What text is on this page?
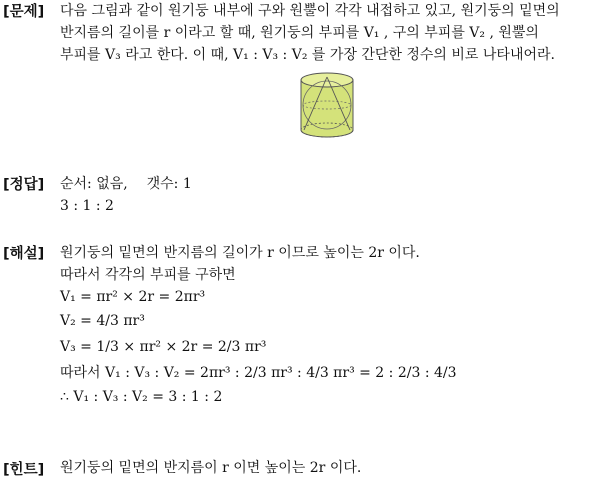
[문제] 다음 그림과 같이 원기둥 내부에 구와 원뿔이 각각 내접하고 있고, 원기둥의 밑면의
반지름의 길이를 r 이라고 할 때, 원기둥의 부피를 V₁ , 구의 부피를 V₂ , 원뿔의
부피를 V₃ 라고 한다. 이 때, V₁ : V₃ : V₂ 를 가장 간단한 정수의 비로 나타내어라.
[정답] 순서: 없음, 갯수: 1
3 : 1 : 2
[해설] 원기둥의 밑면의 반지름의 길이가 r 이므로 높이는 2r 이다.
따라서 각각의 부피를 구하면
V₁ = πr² × 2r = 2πr³
V₂ = 4/3 πr³
V₃ = 1/3 × πr² × 2r = 2/3 πr³
따라서 V₁ : V₃ : V₂ = 2πr³ : 2/3 πr³ : 4/3 πr³ = 2 : 2/3 : 4/3
∴ V₁ : V₃ : V₂ = 3 : 1 : 2
[힌트] 원기둥의 밑면의 반지름이 r 이면 높이는 2r 이다.
